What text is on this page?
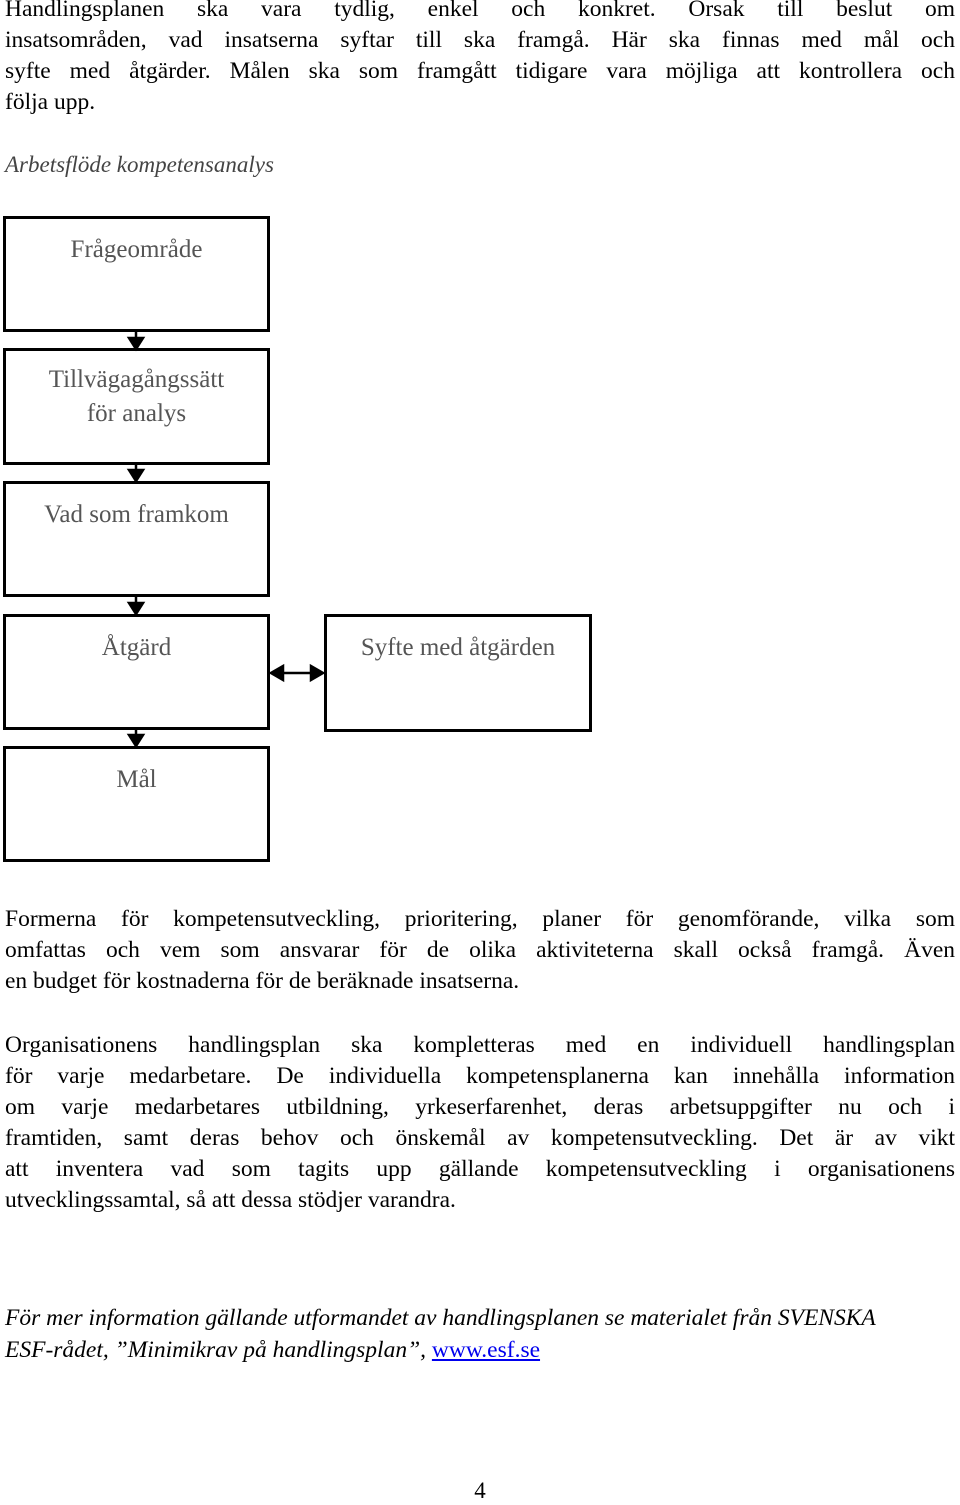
Handlingsplanen ska vara tydlig, enkel och konkret. Orsak till beslut om
insatsområden, vad insatserna syftar till ska framgå. Här ska finnas med mål och
syfte med åtgärder. Målen ska som framgått tidigare vara möjliga att kontrollera och
följa upp.
Arbetsflöde kompetensanalys
Frågeområde
Tillvägagångssätt
för analys
Vad som framkom
Åtgärd	Syfte med åtgärden
Mål
Formerna för kompetensutveckling, prioritering, planer för genomförande, vilka som
omfattas och vem som ansvarar för de olika aktiviteterna skall också framgå. Även
en budget för kostnaderna för de beräknade insatserna.
Organisationens handlingsplan ska kompletteras med en individuell handlingsplan
för varje medarbetare. De individuella kompetensplanerna kan innehålla information
om varje medarbetares utbildning, yrkeserfarenhet, deras arbetsuppgifter nu och i
framtiden, samt deras behov och önskemål av kompetensutveckling. Det är av vikt
att inventera vad som tagits upp gällande kompetensutveckling i organisationens
utvecklingssamtal, så att dessa stödjer varandra.
För mer information gällande utformandet av handlingsplanen se materialet från SVENSKA
ESF-rådet, ”Minimikrav på handlingsplan”, www.esf.se
4
